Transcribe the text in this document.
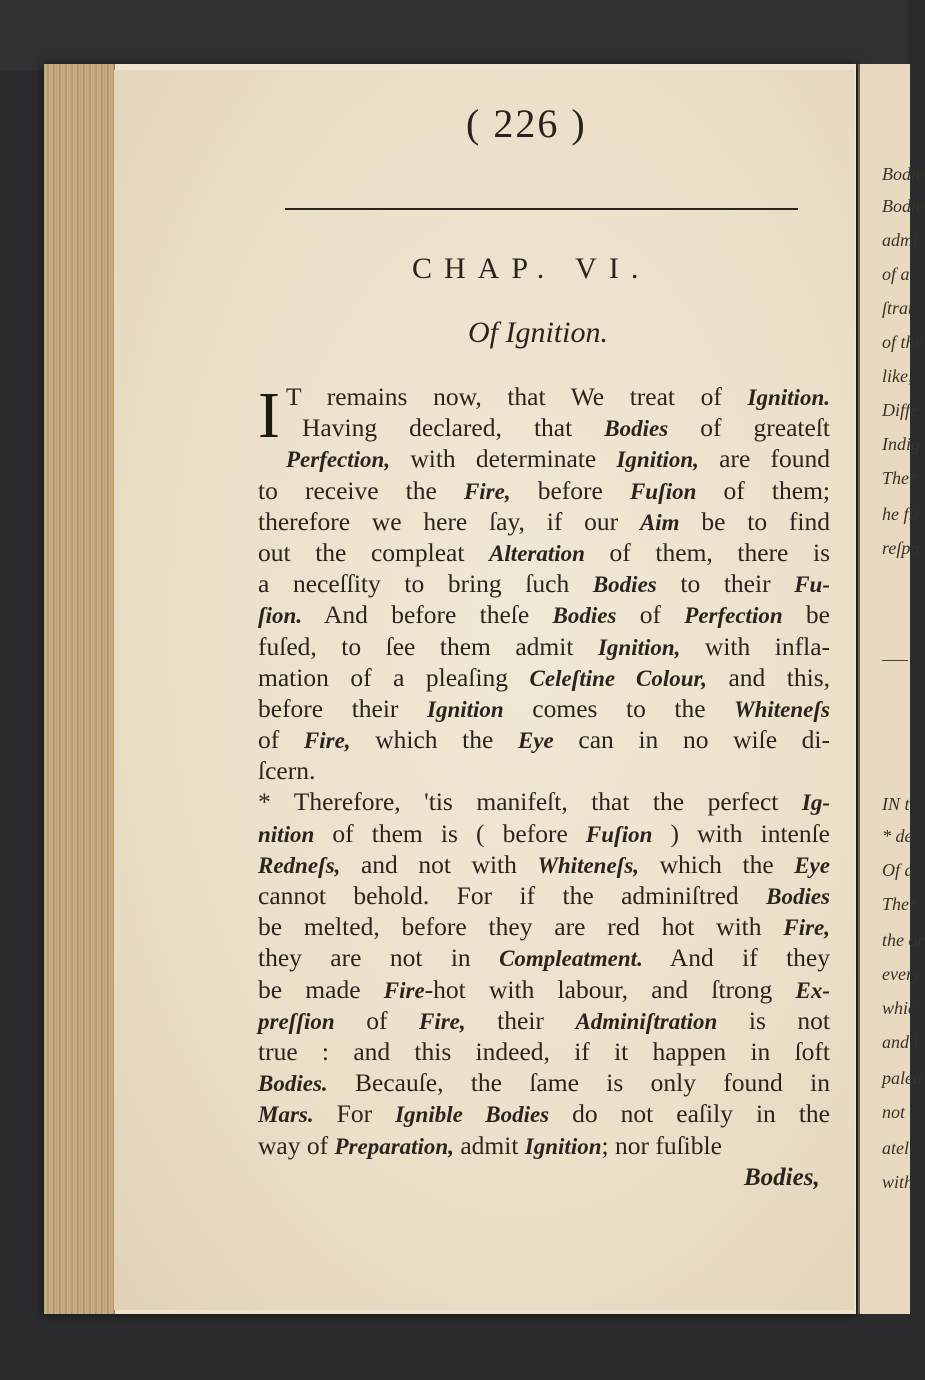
Bodie
Bodie
admi
of a
ſtrat
of the
like,
Diffe
Indig
Ther
he fir
reſpo
IN t
* de
Of a
Ther
the or
every
whic
and i
palea
not
atel
with
( 226 )
CHAP. VI.
Of Ignition.
I T remains now, that We treat of Ignition.
Having declared, that Bodies of greateſt
Perfection, with determinate Ignition, are found
to receive the Fire, before Fuſion of them;
therefore we here ſay, if our Aim be to find
out the compleat Alteration of them, there is
a neceſſity to bring ſuch Bodies to their Fu-
ſion. And before theſe Bodies of Perfection be
fuſed, to ſee them admit Ignition, with infla-
mation of a pleaſing Celeſtine Colour, and this,
before their Ignition comes to the Whiteneſs
of Fire, which the Eye can in no wiſe di-
ſcern.
* Therefore, 'tis manifeſt, that the perfect Ig-
nition of them is ( before Fuſion ) with intenſe
Redneſs, and not with Whiteneſs, which the Eye
cannot behold. For if the adminiſtred Bodies
be melted, before they are red hot with Fire,
they are not in Compleatment. And if they
be made Fire-hot with labour, and ſtrong Ex-
preſſion of Fire, their Adminiſtration is not
true : and this indeed, if it happen in ſoft
Bodies. Becauſe, the ſame is only found in
Mars. For Ignible Bodies do not eaſily in the
way of Preparation, admit Ignition; nor fuſible
Bodies,
